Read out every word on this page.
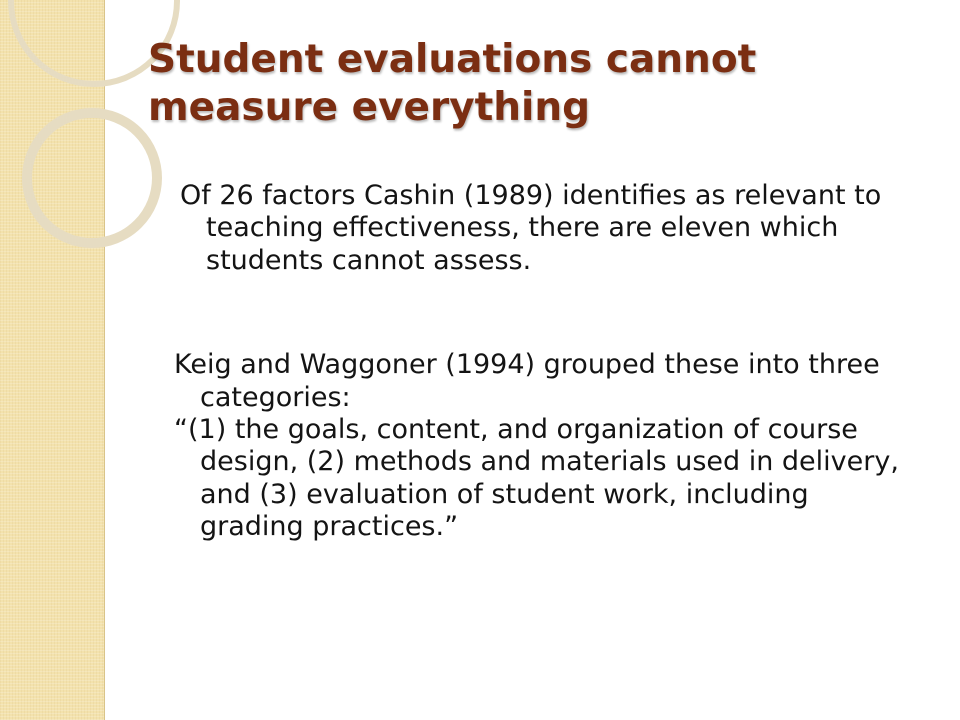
Student evaluations cannot measure everything

Of 26 factors Cashin (1989) identifies as relevant to teaching effectiveness, there are eleven which students cannot assess.

Keig and Waggoner (1994) grouped these into three categories:
“(1) the goals, content, and organization of course design, (2) methods and materials used in delivery, and (3) evaluation of student work, including grading practices.”
